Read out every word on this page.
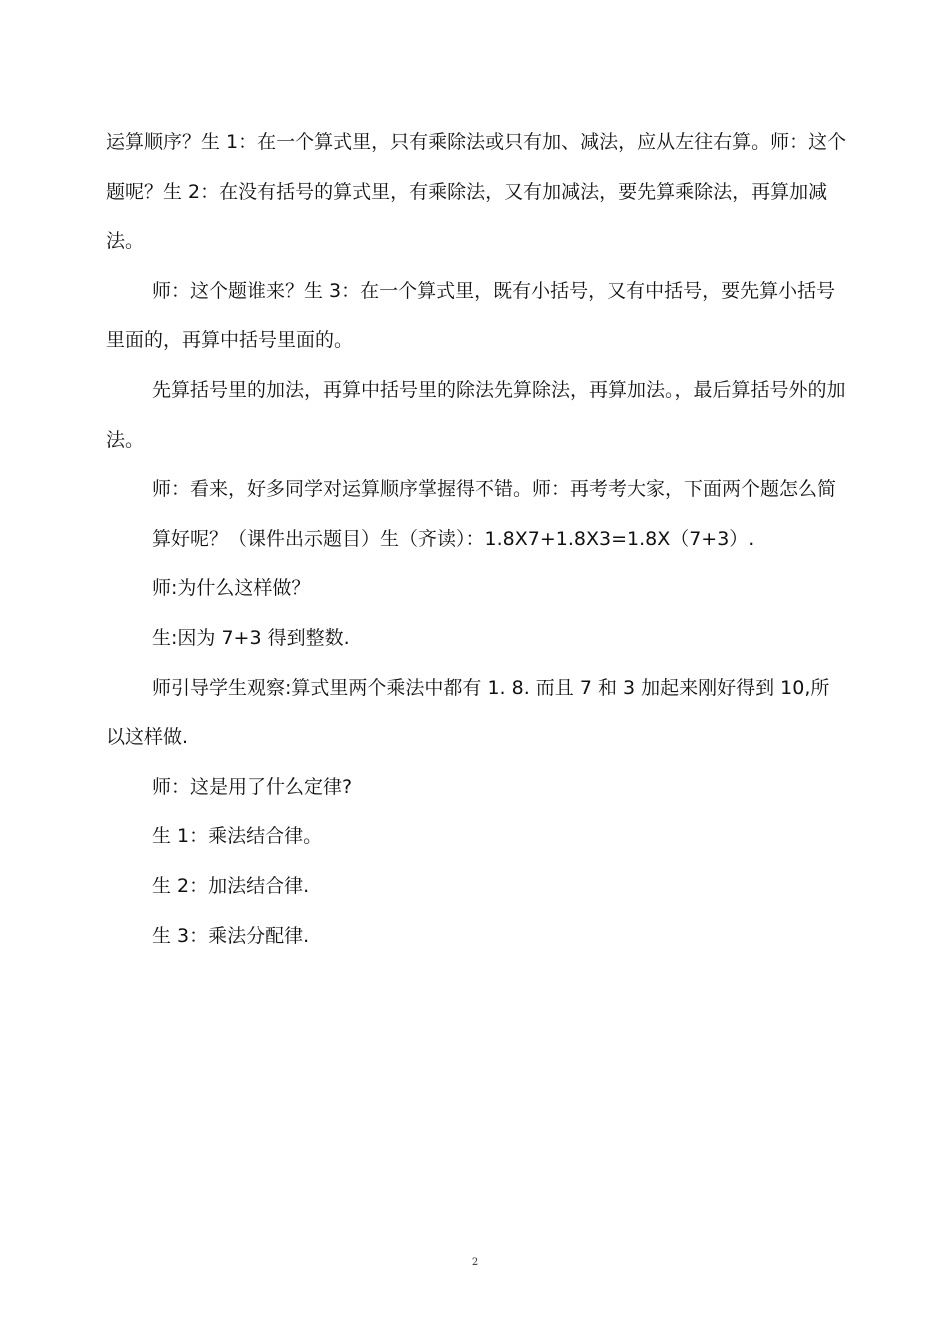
运算顺序？生 1：在一个算式里，只有乘除法或只有加、减法，应从左往右算。师：这个题呢？生 2：在没有括号的算式里，有乘除法，又有加减法，要先算乘除法，再算加减法。

师：这个题谁来？生 3：在一个算式里，既有小括号，又有中括号，要先算小括号里面的，再算中括号里面的。

先算括号里的加法，再算中括号里的除法先算除法，再算加法。，最后算括号外的加法。

师：看来，好多同学对运算顺序掌握得不错。师：再考考大家，下面两个题怎么简算好呢？（课件出示题目）生（齐读）：1.8X7+1.8X3=1.8X（7+3）.

师:为什么这样做？

生:因为 7+3 得到整数.

师引导学生观察:算式里两个乘法中都有 1. 8. 而且 7 和 3 加起来刚好得到 10,所以这样做.

师：这是用了什么定律?

生 1：乘法结合律。

生 2：加法结合律.

生 3：乘法分配律.

2
